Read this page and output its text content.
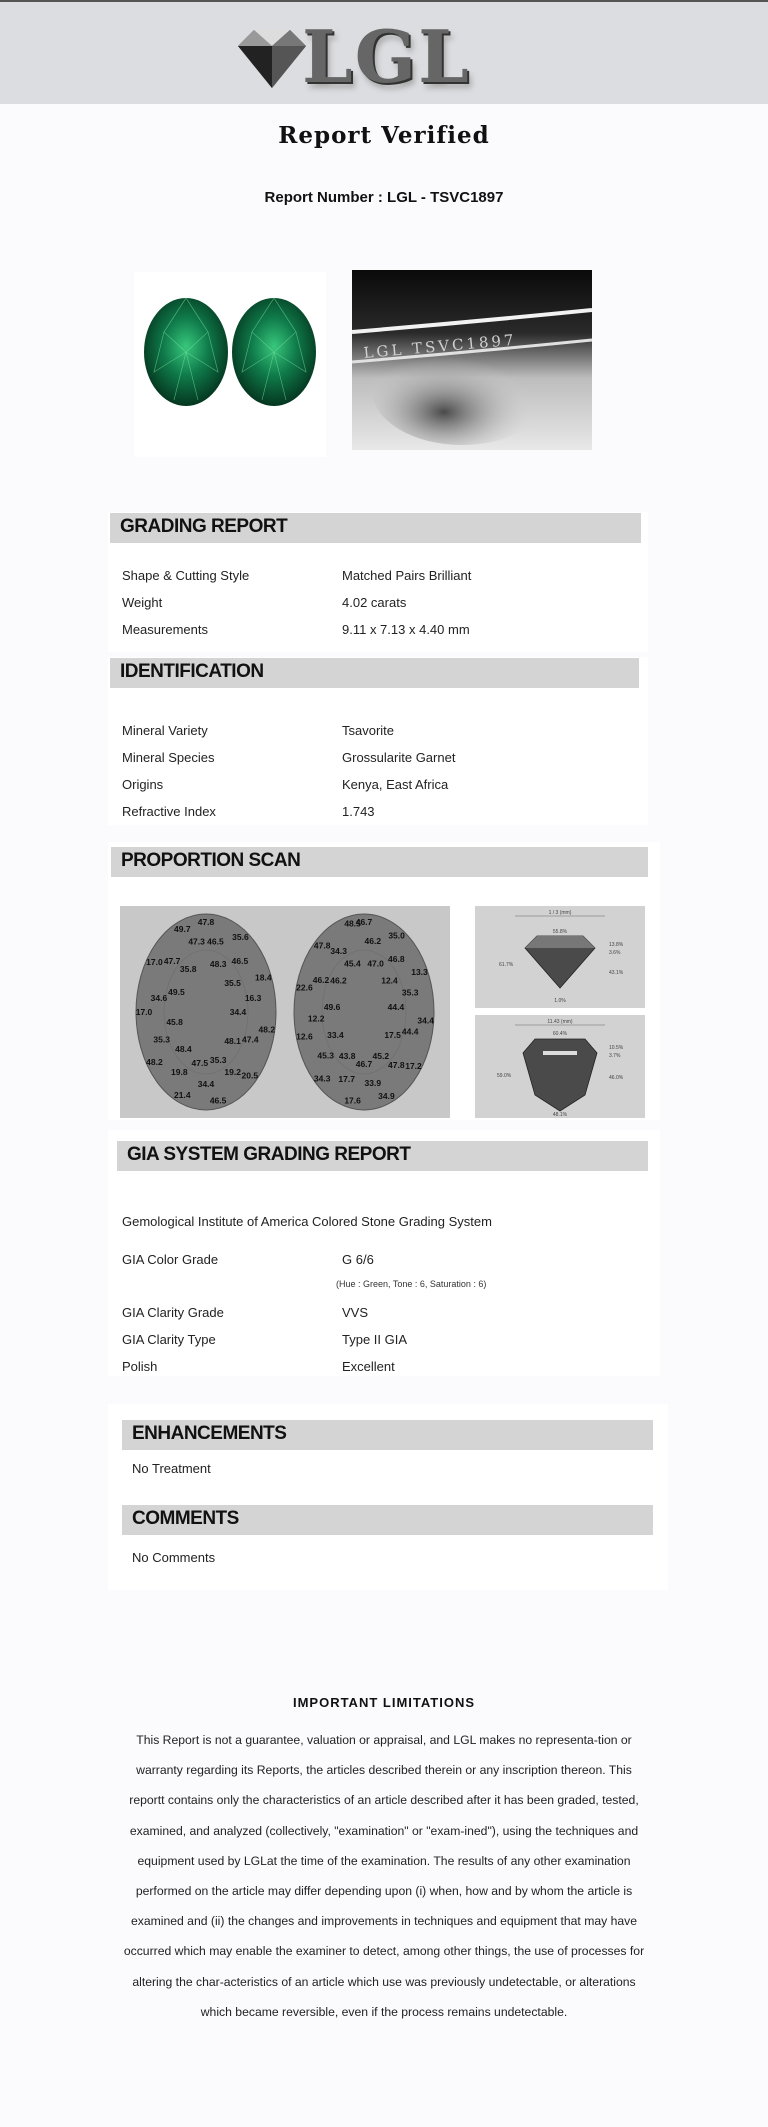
LGL
Report Verified
Report Number : LGL - TSVC1897
LGL TSVC1897
GRADING REPORT
Shape & Cutting Style	Matched Pairs Brilliant
Weight	4.02 carats
Measurements	9.11 x 7.13 x 4.40 mm
IDENTIFICATION
Mineral Variety	Tsavorite
Mineral Species	Grossularite Garnet
Origins	Kenya, East Africa
Refractive Index	1.743
PROPORTION SCAN
47.8
46.5
48.3
35.6
46.5
35.5
18.4
16.3
34.4
48.2
47.4
48.1
20.5
19.2
35.3
46.5
34.4
47.5
21.4
19.8
48.4
48.2
35.3
45.8
17.0
34.6
49.5
17.0 47.7
35.8
49.7
47.3
46.7
46.2
47.0
35.0
46.8
12.4
13.3
35.3
44.4
34.4
44.4
17.5
17.2
47.8
45.2
34.9
33.9
46.7
17.6
17.7
43.8
34.3
45.3
33.4
12.6
12.2
49.6
22.6
46.2 46.2
47.8
34.3
45.4
48.5
1 / 3 (mm)
55.8%
61.7%
13.8%
3.6%
43.1%
1.0%
11.43 (mm)
60.4%
59.0%
10.5%
3.7%
46.0%
48.1%
GIA SYSTEM GRADING REPORT
Gemological Institute of America Colored Stone Grading System
GIA Color Grade	G 6/6
(Hue : Green, Tone : 6, Saturation : 6)
GIA Clarity Grade	VVS
GIA Clarity Type	Type II GIA
Polish	Excellent
ENHANCEMENTS
No Treatment
COMMENTS
No Comments
IMPORTANT LIMITATIONS
This Report is not a guarantee, valuation or appraisal, and LGL makes no representa-tion or warranty regarding its Reports, the articles described therein or any inscription thereon. This reportt contains only the characteristics of an article described after it has been graded, tested, examined, and analyzed (collectively, "examination" or "exam-ined"), using the techniques and equipment used by LGLat the time of the examination. The results of any other examination performed on the article may differ depending upon (i) when, how and by whom the article is examined and (ii) the changes and improvements in techniques and equipment that may have occurred which may enable the examiner to detect, among other things, the use of processes for altering the char-acteristics of an article which use was previously undetectable, or alterations which became reversible, even if the process remains undetectable.
